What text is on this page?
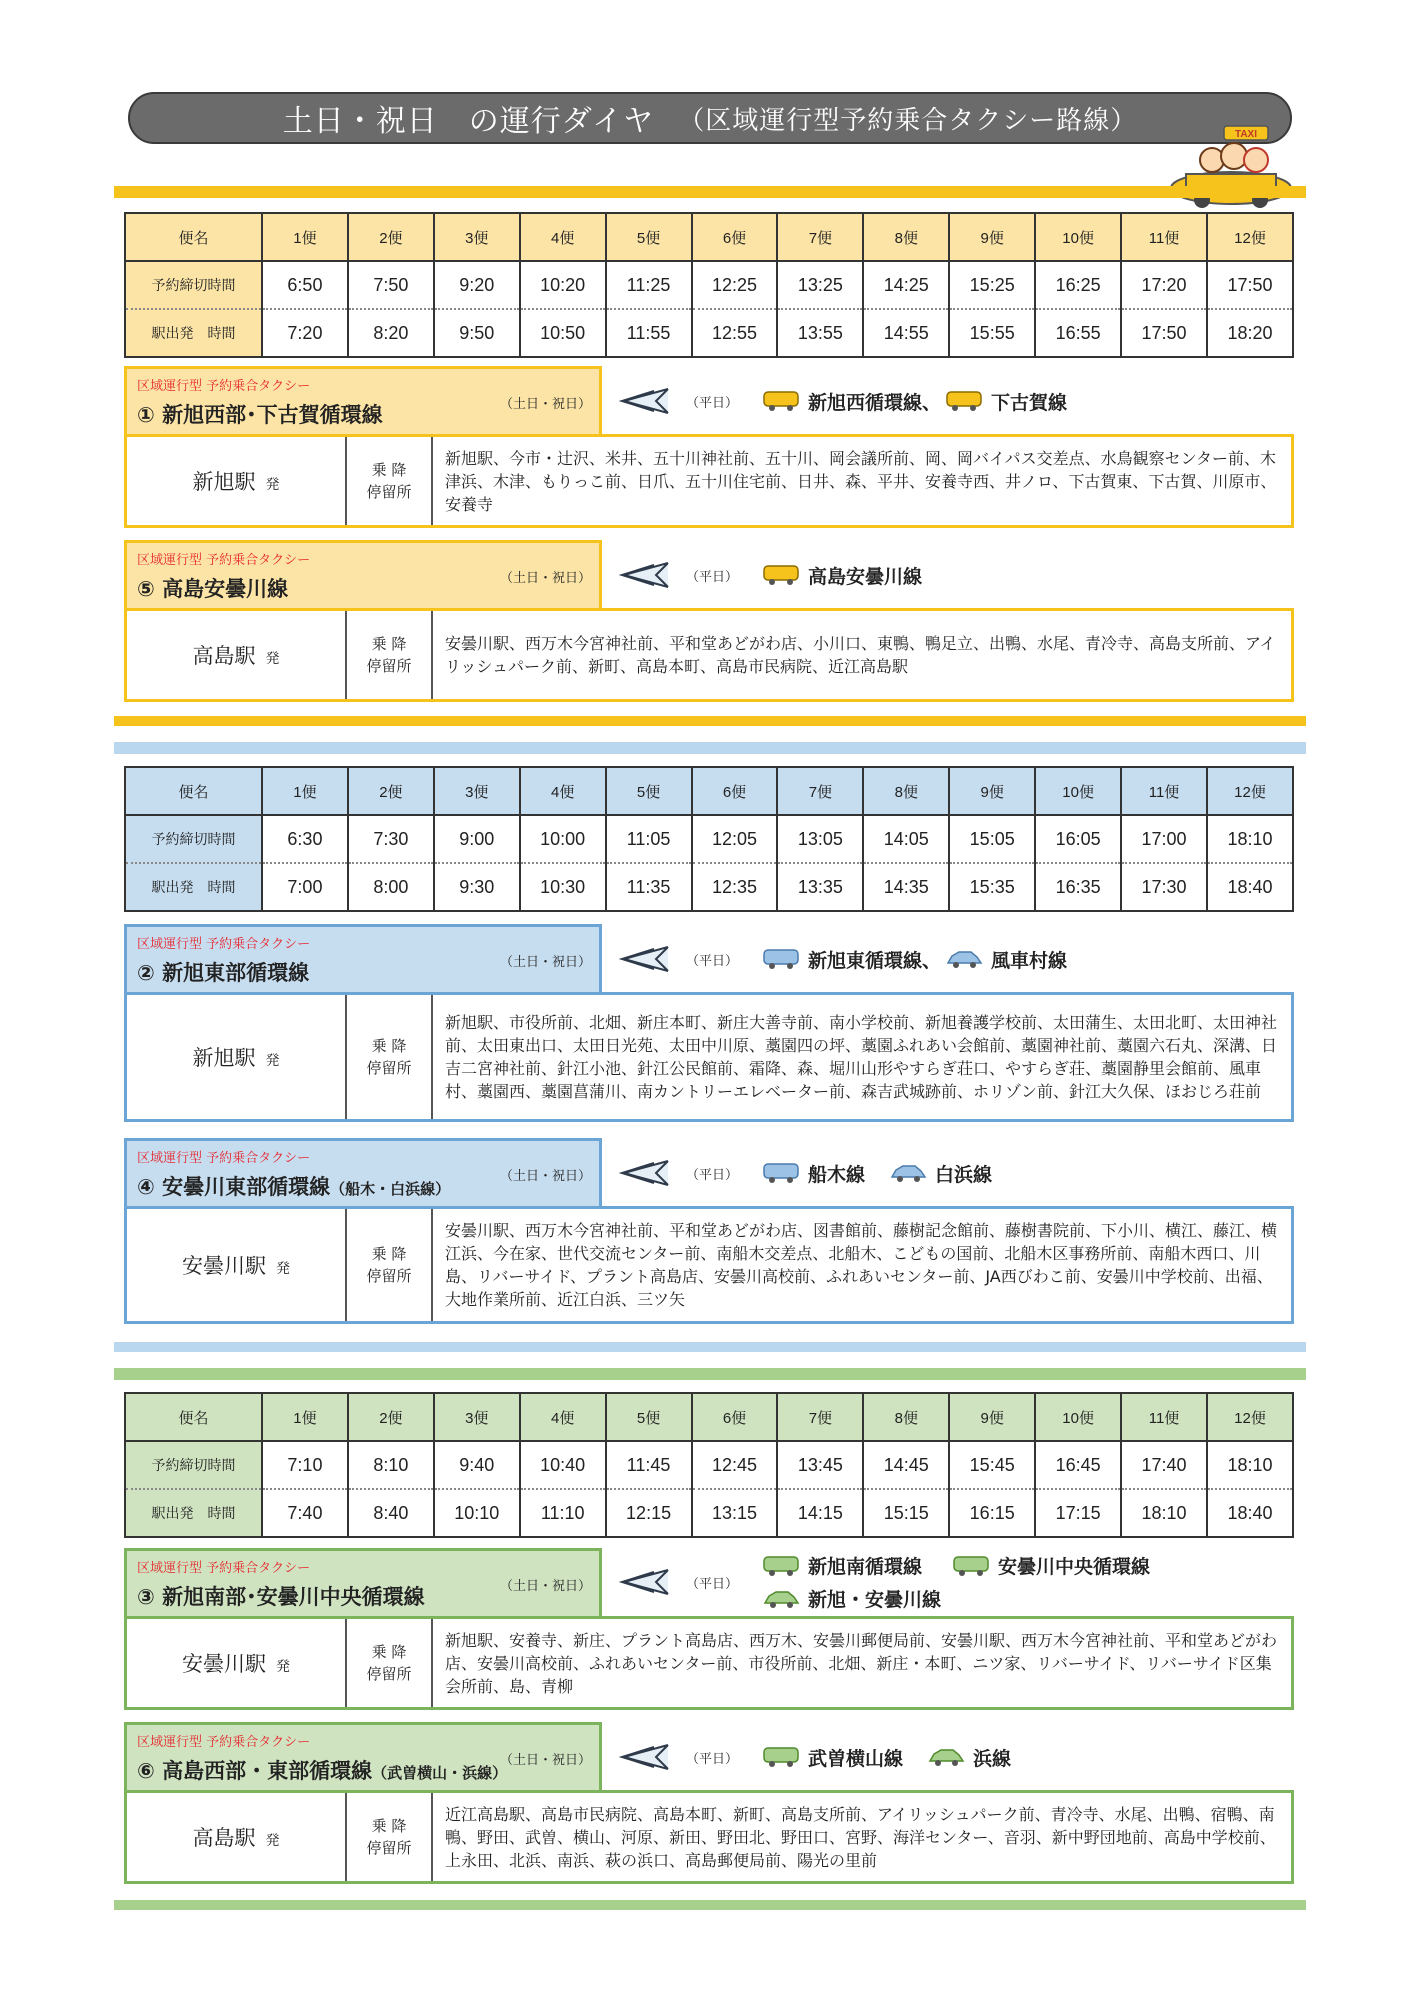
土日・祝日　の運行ダイヤ （区域運行型予約乗合タクシー路線）	TAXI
便名	1便	2便	3便	4便	5便	6便	7便	8便	9便	10便	11便	12便
予約締切時間	6:50	7:50	9:20	10:20	11:25	12:25	13:25	14:25	15:25	16:25	17:20	17:50
駅出発　時間	7:20	8:20	9:50	10:50	11:55	12:55	13:55	14:55	15:55	16:55	17:50	18:20
区域運行型 予約乗合タクシー
① 新旭西部･下古賀循環線	（土日・祝日）	（平日）	新旭西循環線、	下古賀線
新旭駅 発
乗 降
停留所
新旭駅、今市・辻沢、米井、五十川神社前、五十川、岡会議所前、岡、岡バイパス交差点、水鳥観察センター前、木津浜、木津、もりっこ前、日爪、五十川住宅前、日井、森、平井、安養寺西、井ノロ、下古賀東、下古賀、川原市、安養寺
区域運行型 予約乗合タクシー
⑤ 高島安曇川線	（土日・祝日）	（平日）	高島安曇川線
高島駅 発
乗 降
停留所
安曇川駅、西万木今宮神社前、平和堂あどがわ店、小川口、東鴨、鴨足立、出鴨、水尾、青冷寺、高島支所前、アイリッシュパーク前、新町、高島本町、高島市民病院、近江高島駅
便名	1便	2便	3便	4便	5便	6便	7便	8便	9便	10便	11便	12便
予約締切時間	6:30	7:30	9:00	10:00	11:05	12:05	13:05	14:05	15:05	16:05	17:00	18:10
駅出発　時間	7:00	8:00	9:30	10:30	11:35	12:35	13:35	14:35	15:35	16:35	17:30	18:40
区域運行型 予約乗合タクシー
② 新旭東部循環線	（土日・祝日）	（平日）	新旭東循環線、	風車村線
新旭駅 発
乗 降
停留所
新旭駅、市役所前、北畑、新庄本町、新庄大善寺前、南小学校前、新旭養護学校前、太田蒲生、太田北町、太田神社前、太田東出口、太田日光苑、太田中川原、藁園四の坪、藁園ふれあい会館前、藁園神社前、藁園六石丸、深溝、日吉二宮神社前、針江小池、針江公民館前、霜降、森、堀川山形やすらぎ荘口、やすらぎ荘、藁園静里会館前、風車村、藁園西、藁園菖蒲川、南カントリーエレベーター前、森吉武城跡前、ホリゾン前、針江大久保、ほおじろ荘前
区域運行型 予約乗合タクシー
④ 安曇川東部循環線（船木・白浜線）
（土日・祝日）	（平日）	船木線	白浜線
安曇川駅 発
乗 降
停留所
安曇川駅、西万木今宮神社前、平和堂あどがわ店、図書館前、藤樹記念館前、藤樹書院前、下小川、横江、藤江、横江浜、今在家、世代交流センター前、南船木交差点、北船木、こどもの国前、北船木区事務所前、南船木西口、川島、リバーサイド、プラント高島店、安曇川高校前、ふれあいセンター前、JA西びわこ前、安曇川中学校前、出福、大地作業所前、近江白浜、三ツ矢
便名	1便	2便	3便	4便	5便	6便	7便	8便	9便	10便	11便	12便
予約締切時間	7:10	8:10	9:40	10:40	11:45	12:45	13:45	14:45	15:45	16:45	17:40	18:10
駅出発　時間	7:40	8:40	10:10	11:10	12:15	13:15	14:15	15:15	16:15	17:15	18:10	18:40
区域運行型 予約乗合タクシー
③ 新旭南部･安曇川中央循環線	（土日・祝日）	（平日）
新旭南循環線	安曇川中央循環線
新旭・安曇川線
安曇川駅 発
乗 降
停留所
新旭駅、安養寺、新庄、プラント高島店、西万木、安曇川郵便局前、安曇川駅、西万木今宮神社前、平和堂あどがわ店、安曇川高校前、ふれあいセンター前、市役所前、北畑、新庄・本町、ニツ家、リバーサイド、リバーサイド区集会所前、島、青柳
区域運行型 予約乗合タクシー
⑥ 高島西部・東部循環線（武曽横山・浜線）
（土日・祝日）	（平日）	武曽横山線	浜線
高島駅 発
乗 降
停留所
近江高島駅、高島市民病院、高島本町、新町、高島支所前、アイリッシュパーク前、青冷寺、水尾、出鴨、宿鴨、南鴨、野田、武曽、横山、河原、新田、野田北、野田口、宮野、海洋センター、音羽、新中野団地前、高島中学校前、上永田、北浜、南浜、萩の浜口、高島郵便局前、陽光の里前
